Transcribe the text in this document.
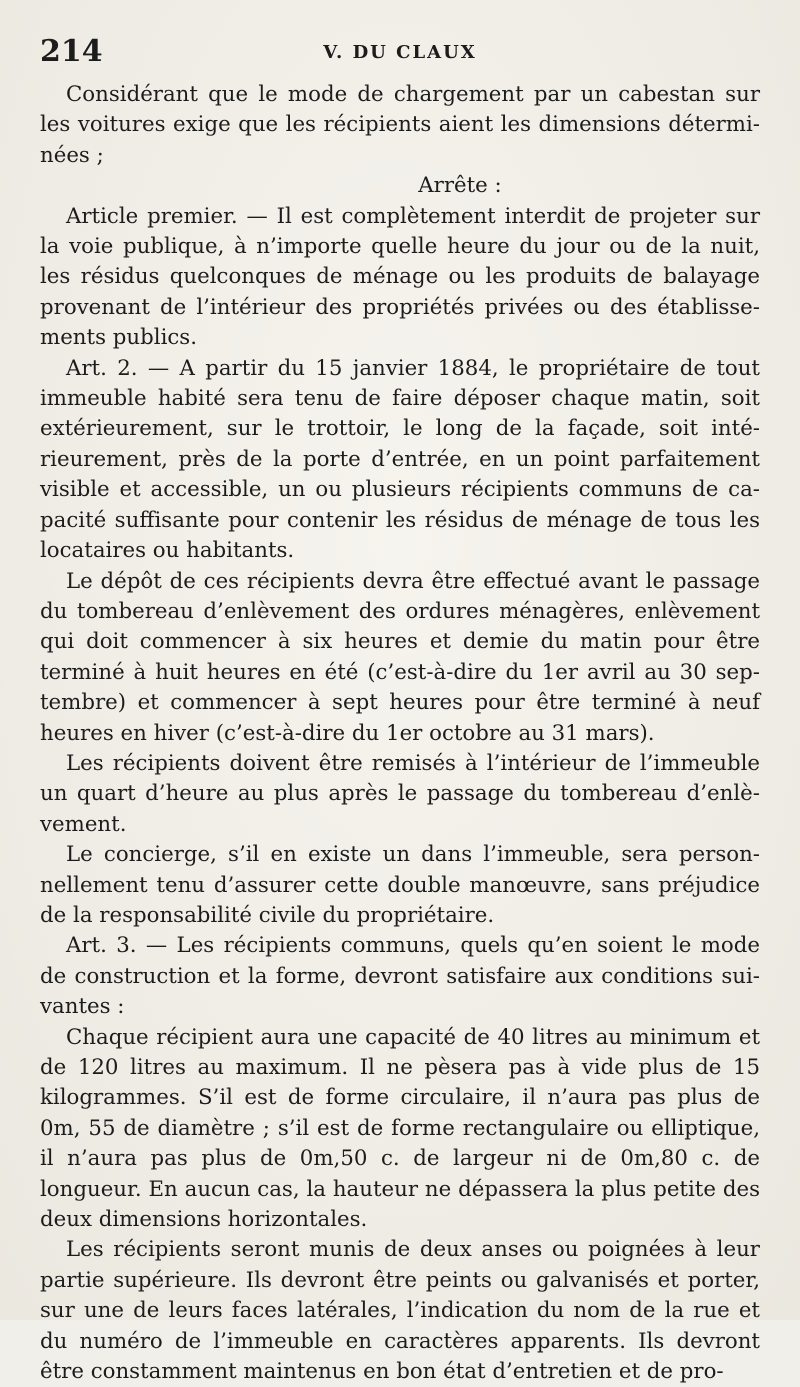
214	V. DU CLAUX

Considérant que le mode de chargement par un cabestan sur les voitures exige que les récipients aient les dimensions déterminées ;

Arrête :

Article premier. — Il est complètement interdit de projeter sur la voie publique, à n’importe quelle heure du jour ou de la nuit, les résidus quelconques de ménage ou les produits de balayage provenant de l’intérieur des propriétés privées ou des établissements publics.

Art. 2. — A partir du 15 janvier 1884, le propriétaire de tout immeuble habité sera tenu de faire déposer chaque matin, soit extérieurement, sur le trottoir, le long de la façade, soit intérieurement, près de la porte d’entrée, en un point parfaitement visible et accessible, un ou plusieurs récipients communs de capacité suffisante pour contenir les résidus de ménage de tous les locataires ou habitants.

Le dépôt de ces récipients devra être effectué avant le passage du tombereau d’enlèvement des ordures ménagères, enlèvement qui doit commencer à six heures et demie du matin pour être terminé à huit heures en été (c’est-à-dire du 1er avril au 30 septembre) et commencer à sept heures pour être terminé à neuf heures en hiver (c’est-à-dire du 1er octobre au 31 mars).

Les récipients doivent être remisés à l’intérieur de l’immeuble un quart d’heure au plus après le passage du tombereau d’enlèvement.

Le concierge, s’il en existe un dans l’immeuble, sera personnellement tenu d’assurer cette double manœuvre, sans préjudice de la responsabilité civile du propriétaire.

Art. 3. — Les récipients communs, quels qu’en soient le mode de construction et la forme, devront satisfaire aux conditions suivantes :

Chaque récipient aura une capacité de 40 litres au minimum et de 120 litres au maximum. Il ne pèsera pas à vide plus de 15 kilogrammes. S’il est de forme circulaire, il n’aura pas plus de 0m, 55 de diamètre ; s’il est de forme rectangulaire ou elliptique, il n’aura pas plus de 0m,50 c. de largeur ni de 0m,80 c. de longueur. En aucun cas, la hauteur ne dépassera la plus petite des deux dimensions horizontales.

Les récipients seront munis de deux anses ou poignées à leur partie supérieure. Ils devront être peints ou galvanisés et porter, sur une de leurs faces latérales, l’indication du nom de la rue et du numéro de l’immeuble en caractères apparents. Ils devront être constamment maintenus en bon état d’entretien et de pro-
